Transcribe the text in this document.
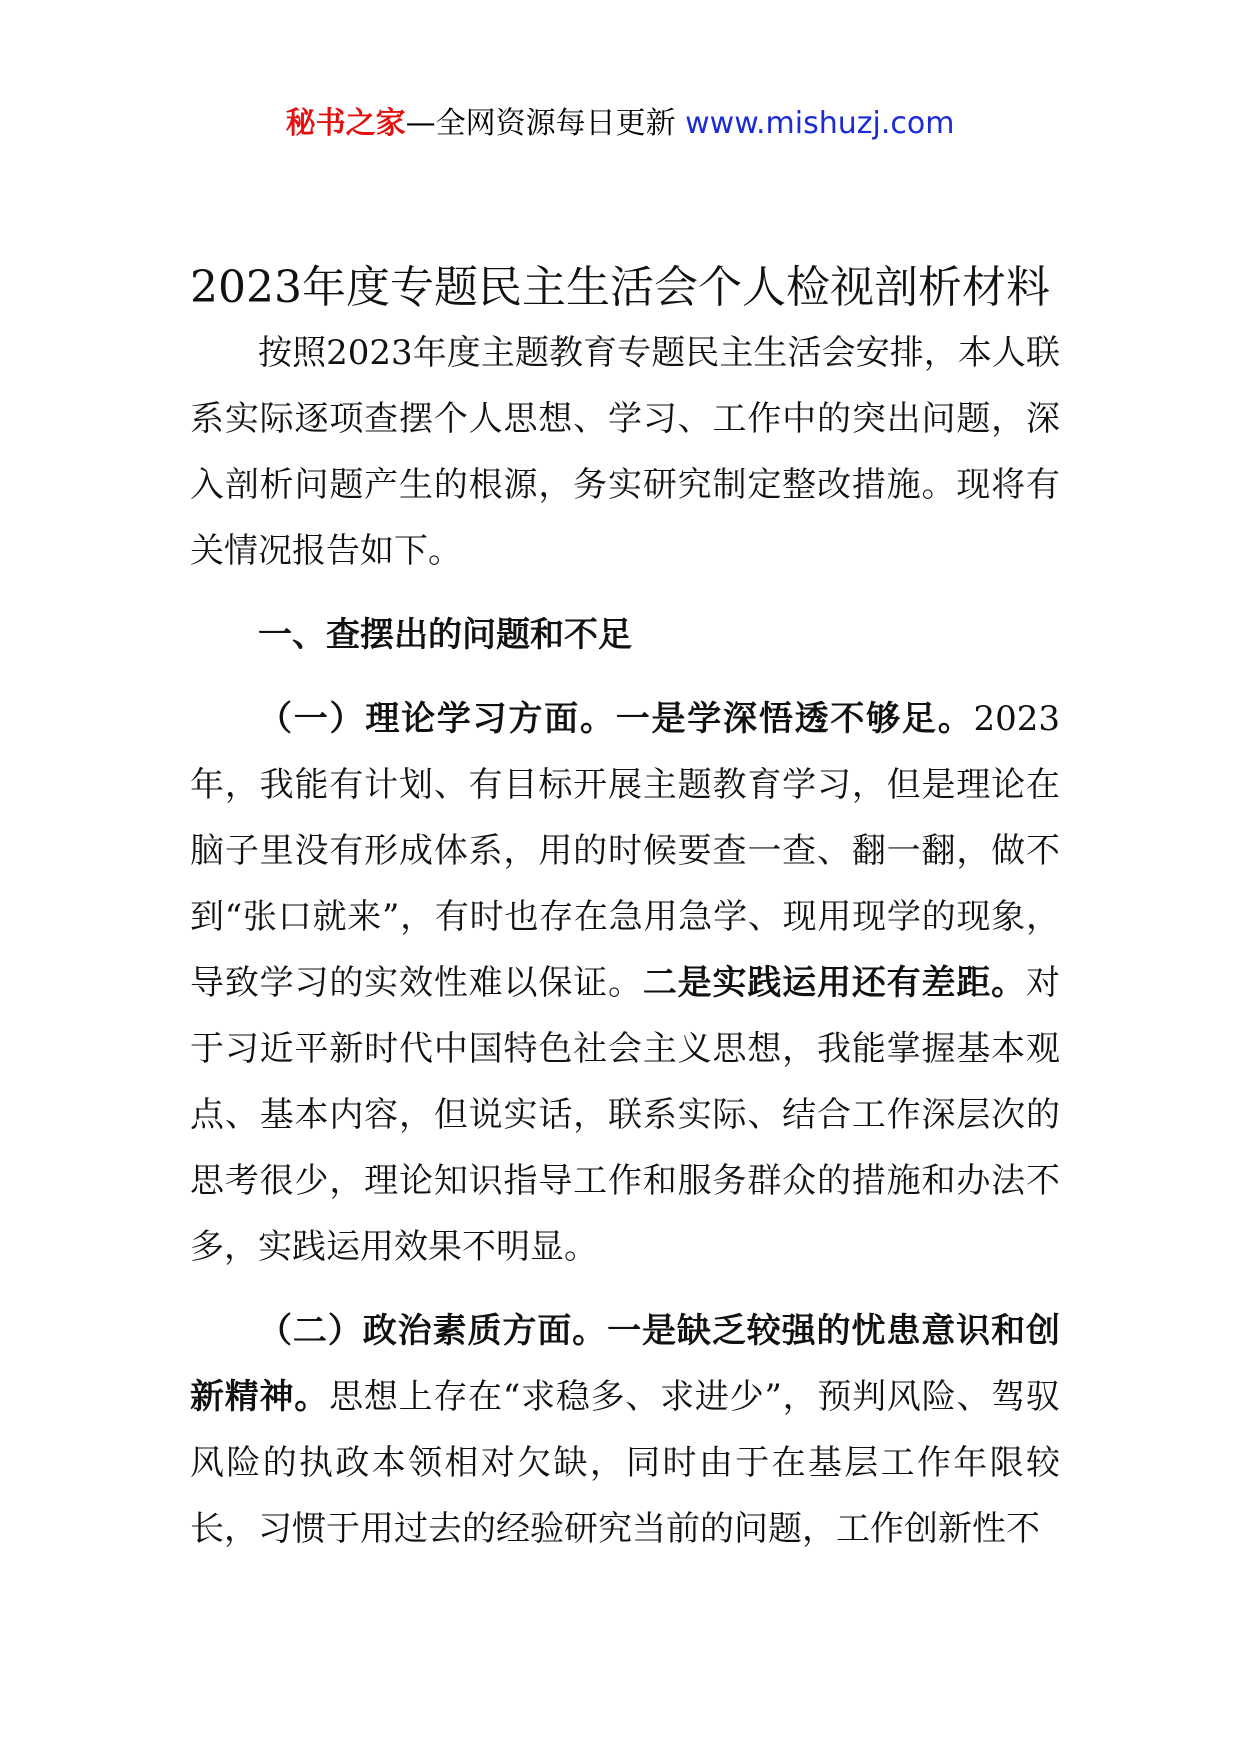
秘书之家—全网资源每日更新 www.mishuzj.com
2023年度专题民主生活会个人检视剖析材料

按照2023年度主题教育专题民主生活会安排，本人联系实际逐项查摆个人思想、学习、工作中的突出问题，深入剖析问题产生的根源，务实研究制定整改措施。现将有关情况报告如下。

一、查摆出的问题和不足

（一）理论学习方面。一是学深悟透不够足。2023年，我能有计划、有目标开展主题教育学习，但是理论在脑子里没有形成体系，用的时候要查一查、翻一翻，做不到“张口就来”，有时也存在急用急学、现用现学的现象，导致学习的实效性难以保证。二是实践运用还有差距。对于习近平新时代中国特色社会主义思想，我能掌握基本观点、基本内容，但说实话，联系实际、结合工作深层次的思考很少，理论知识指导工作和服务群众的措施和办法不多，实践运用效果不明显。

（二）政治素质方面。一是缺乏较强的忧患意识和创新精神。思想上存在“求稳多、求进少”，预判风险、驾驭风险的执政本领相对欠缺，同时由于在基层工作年限较长，习惯于用过去的经验研究当前的问题，工作创新性不
